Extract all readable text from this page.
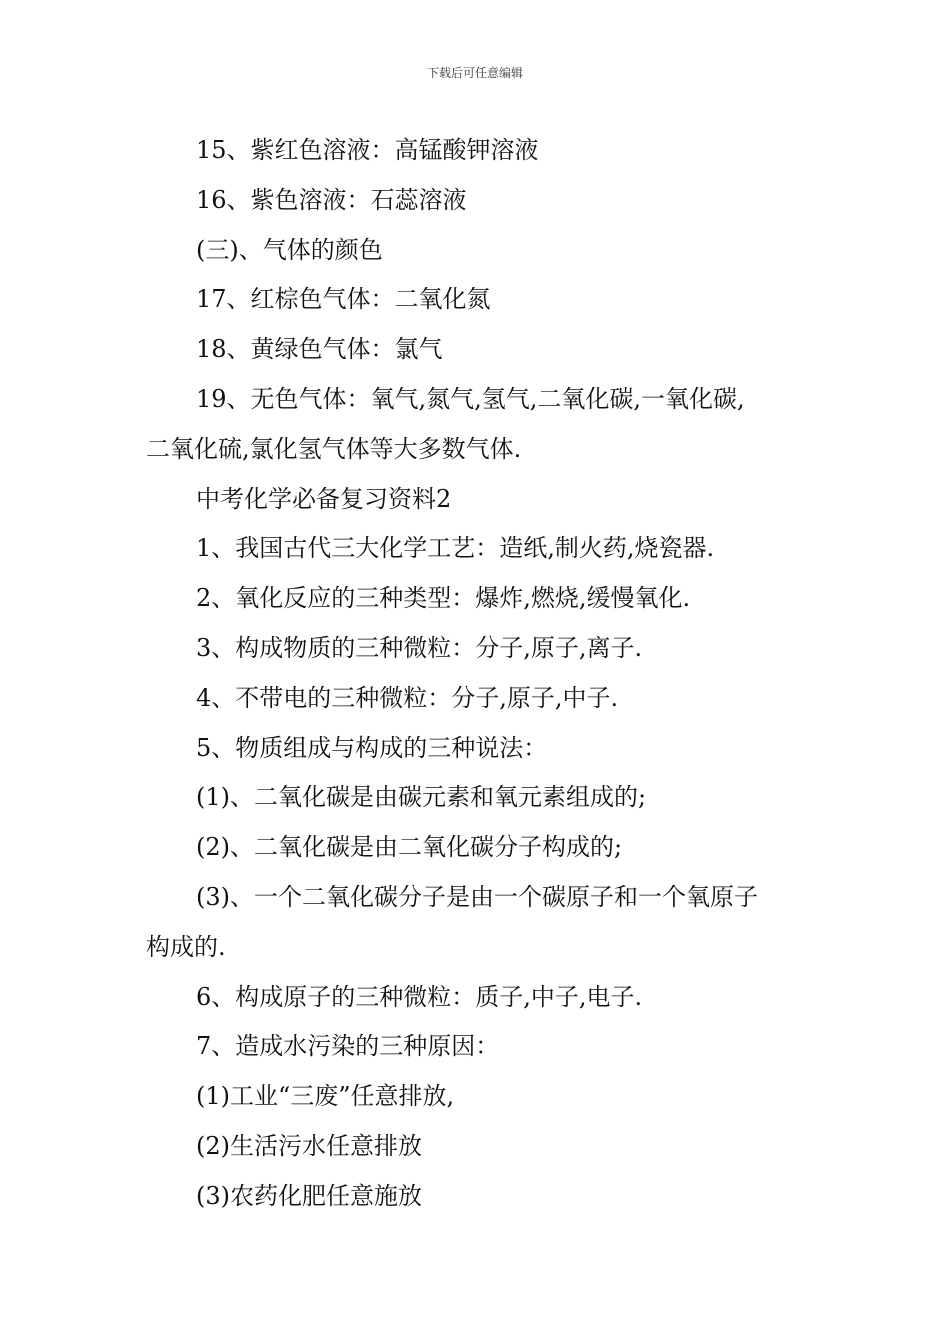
下载后可任意编辑

15、紫红色溶液：高锰酸钾溶液

16、紫色溶液：石蕊溶液

(三)、气体的颜色

17、红棕色气体：二氧化氮

18、黄绿色气体：氯气

19、无色气体：氧气,氮气,氢气,二氧化碳,一氧化碳,

二氧化硫,氯化氢气体等大多数气体.

中考化学必备复习资料2

1、我国古代三大化学工艺：造纸,制火药,烧瓷器.

2、氧化反应的三种类型：爆炸,燃烧,缓慢氧化.

3、构成物质的三种微粒：分子,原子,离子.

4、不带电的三种微粒：分子,原子,中子.

5、物质组成与构成的三种说法：

(1)、二氧化碳是由碳元素和氧元素组成的;

(2)、二氧化碳是由二氧化碳分子构成的;

(3)、一个二氧化碳分子是由一个碳原子和一个氧原子

构成的.

6、构成原子的三种微粒：质子,中子,电子.

7、造成水污染的三种原因：

(1)工业“三废”任意排放,

(2)生活污水任意排放

(3)农药化肥任意施放
